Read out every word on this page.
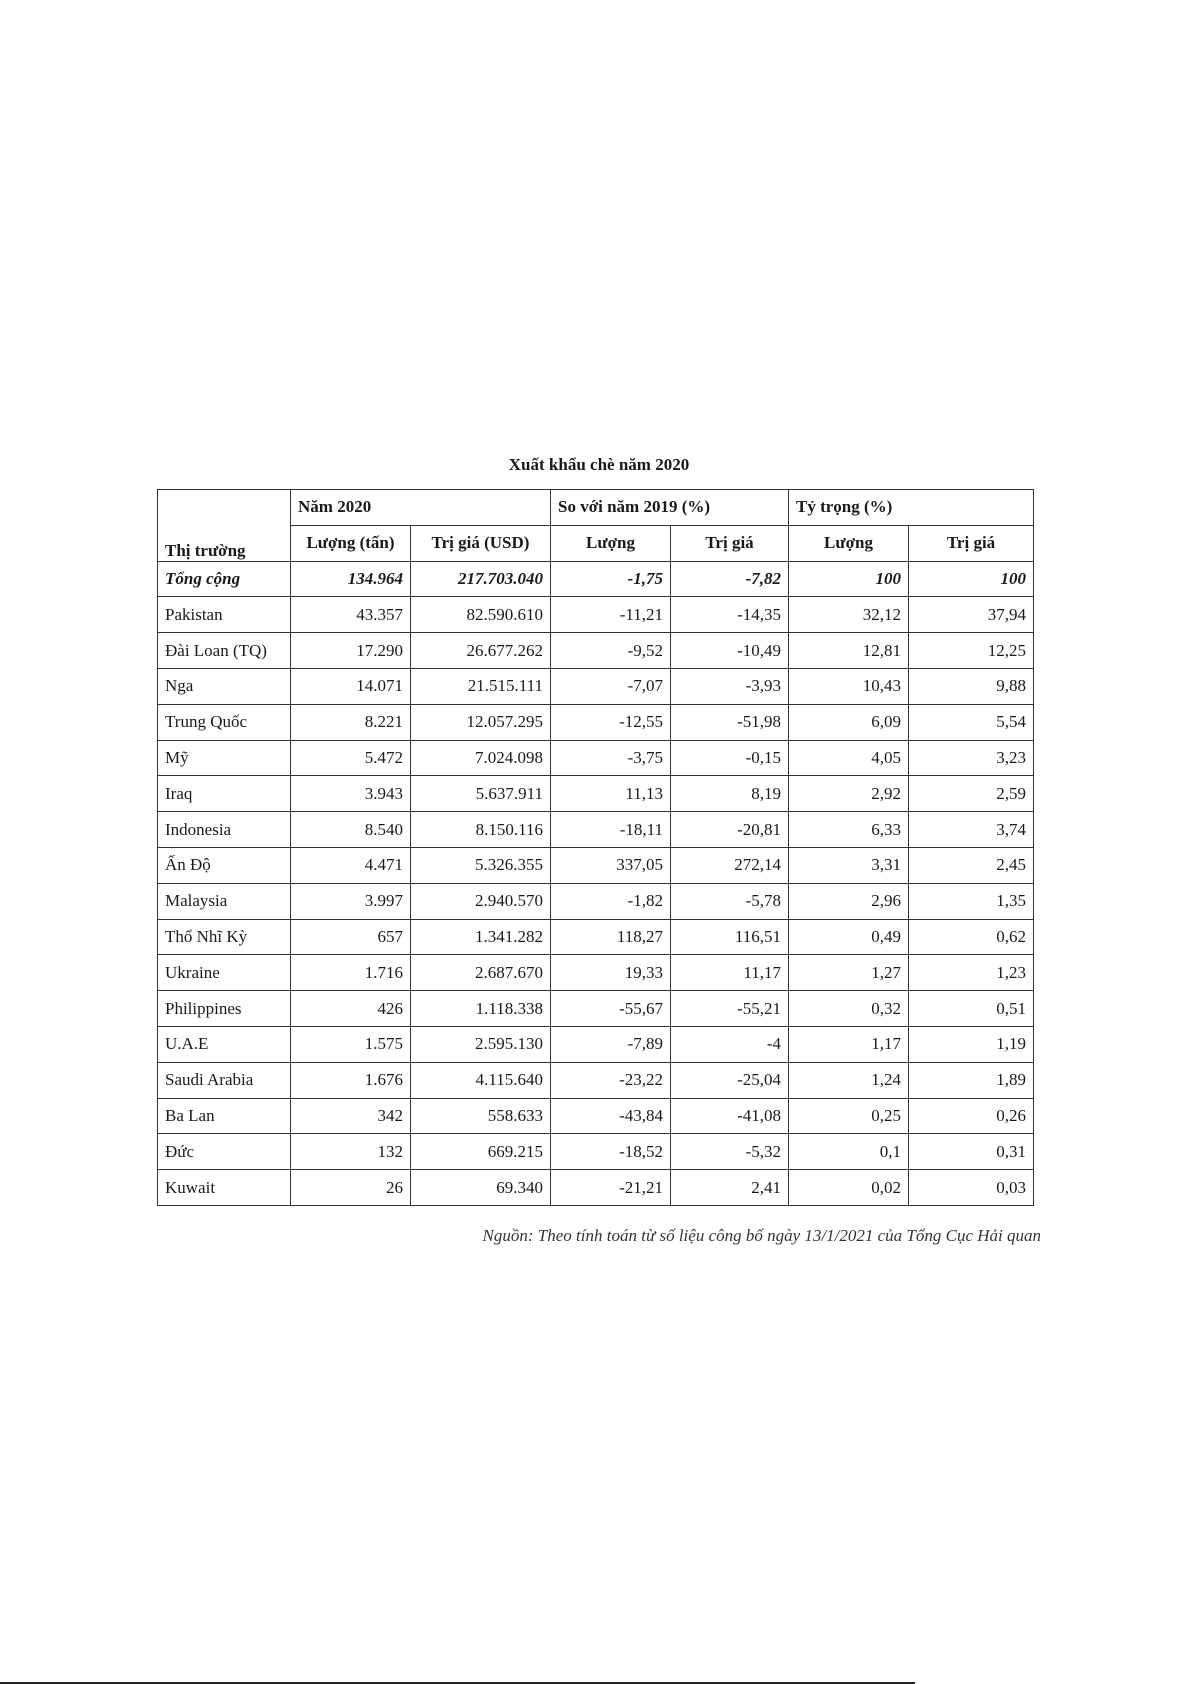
Xuất khẩu chè năm 2020
Thị trường	Năm 2020		So với năm 2019 (%)		Tỷ trọng (%)	
	Lượng (tấn)	Trị giá (USD)	Lượng	Trị giá	Lượng	Trị giá
Tổng cộng	134.964	217.703.040	-1,75	-7,82	100	100
Pakistan	43.357	82.590.610	-11,21	-14,35	32,12	37,94
Đài Loan (TQ)	17.290	26.677.262	-9,52	-10,49	12,81	12,25
Nga	14.071	21.515.111	-7,07	-3,93	10,43	9,88
Trung Quốc	8.221	12.057.295	-12,55	-51,98	6,09	5,54
Mỹ	5.472	7.024.098	-3,75	-0,15	4,05	3,23
Iraq	3.943	5.637.911	11,13	8,19	2,92	2,59
Indonesia	8.540	8.150.116	-18,11	-20,81	6,33	3,74
Ấn Độ	4.471	5.326.355	337,05	272,14	3,31	2,45
Malaysia	3.997	2.940.570	-1,82	-5,78	2,96	1,35
Thổ Nhĩ Kỳ	657	1.341.282	118,27	116,51	0,49	0,62
Ukraine	1.716	2.687.670	19,33	11,17	1,27	1,23
Philippines	426	1.118.338	-55,67	-55,21	0,32	0,51
U.A.E	1.575	2.595.130	-7,89	-4	1,17	1,19
Saudi Arabia	1.676	4.115.640	-23,22	-25,04	1,24	1,89
Ba Lan	342	558.633	-43,84	-41,08	0,25	0,26
Đức	132	669.215	-18,52	-5,32	0,1	0,31
Kuwait	26	69.340	-21,21	2,41	0,02	0,03
Nguồn: Theo tính toán từ số liệu công bố ngày 13/1/2021 của Tổng Cục Hải quan
